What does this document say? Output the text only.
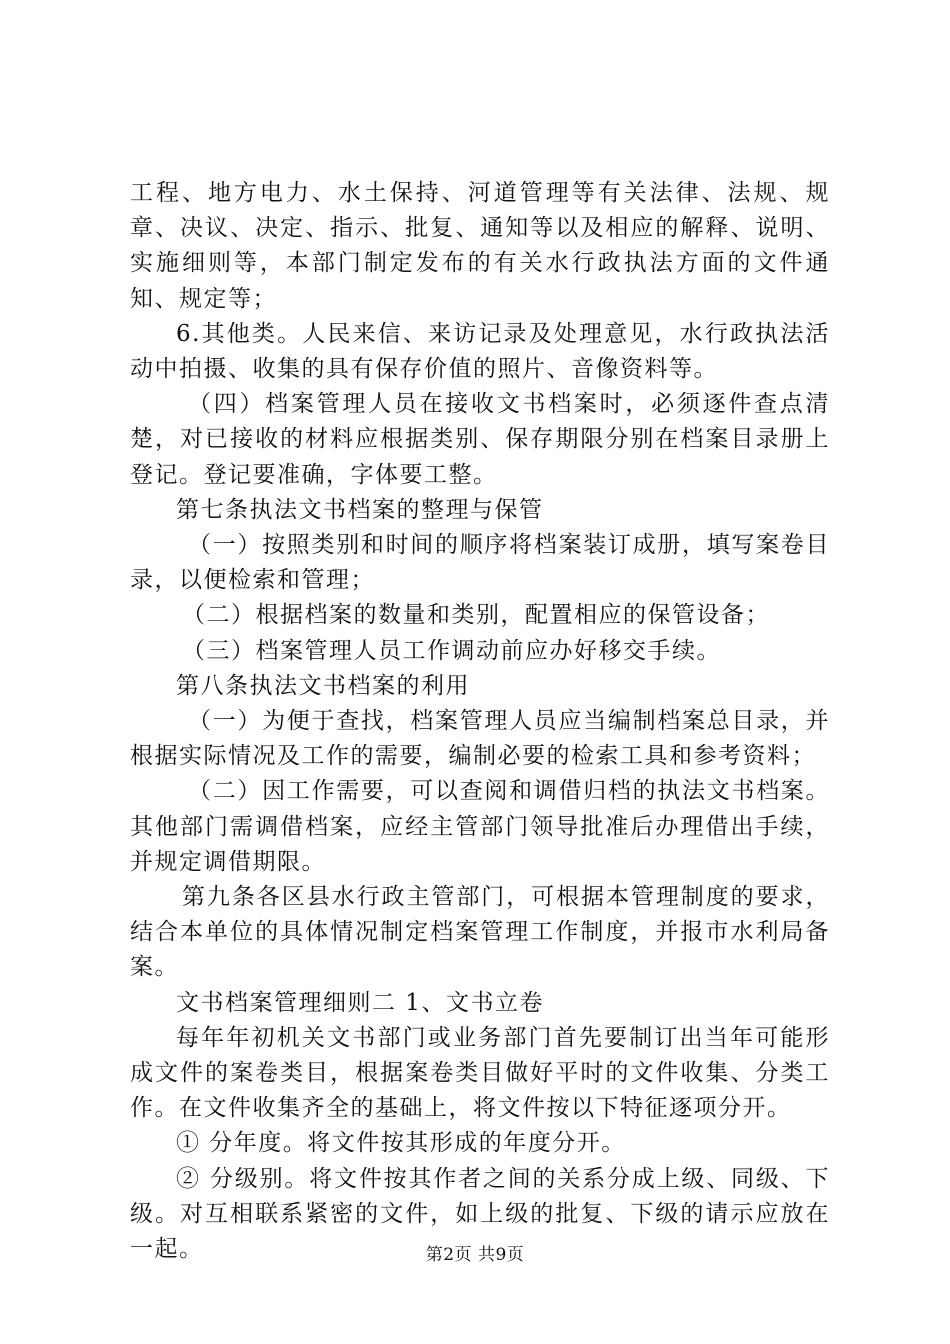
工程、地方电力、水土保持、河道管理等有关法律、法规、规章、决议、决定、指示、批复、通知等以及相应的解释、说明、实施细则等，本部门制定发布的有关水行政执法方面的文件通知、规定等；

6.其他类。人民来信、来访记录及处理意见，水行政执法活动中拍摄、收集的具有保存价值的照片、音像资料等。

（四）档案管理人员在接收文书档案时，必须逐件查点清楚，对已接收的材料应根据类别、保存期限分别在档案目录册上登记。登记要准确，字体要工整。

第七条执法文书档案的整理与保管

（一）按照类别和时间的顺序将档案装订成册，填写案卷目录，以便检索和管理；

（二）根据档案的数量和类别，配置相应的保管设备；

（三）档案管理人员工作调动前应办好移交手续。

第八条执法文书档案的利用

（一）为便于查找，档案管理人员应当编制档案总目录，并根据实际情况及工作的需要，编制必要的检索工具和参考资料；

（二）因工作需要，可以查阅和调借归档的执法文书档案。其他部门需调借档案，应经主管部门领导批准后办理借出手续，并规定调借期限。

第九条各区县水行政主管部门，可根据本管理制度的要求，结合本单位的具体情况制定档案管理工作制度，并报市水利局备案。

文书档案管理细则二 1、文书立卷

每年年初机关文书部门或业务部门首先要制订出当年可能形成文件的案卷类目，根据案卷类目做好平时的文件收集、分类工作。在文件收集齐全的基础上，将文件按以下特征逐项分开。

① 分年度。将文件按其形成的年度分开。

② 分级别。将文件按其作者之间的关系分成上级、同级、下级。对互相联系紧密的文件，如上级的批复、下级的请示应放在一起。	第2页 共9页
